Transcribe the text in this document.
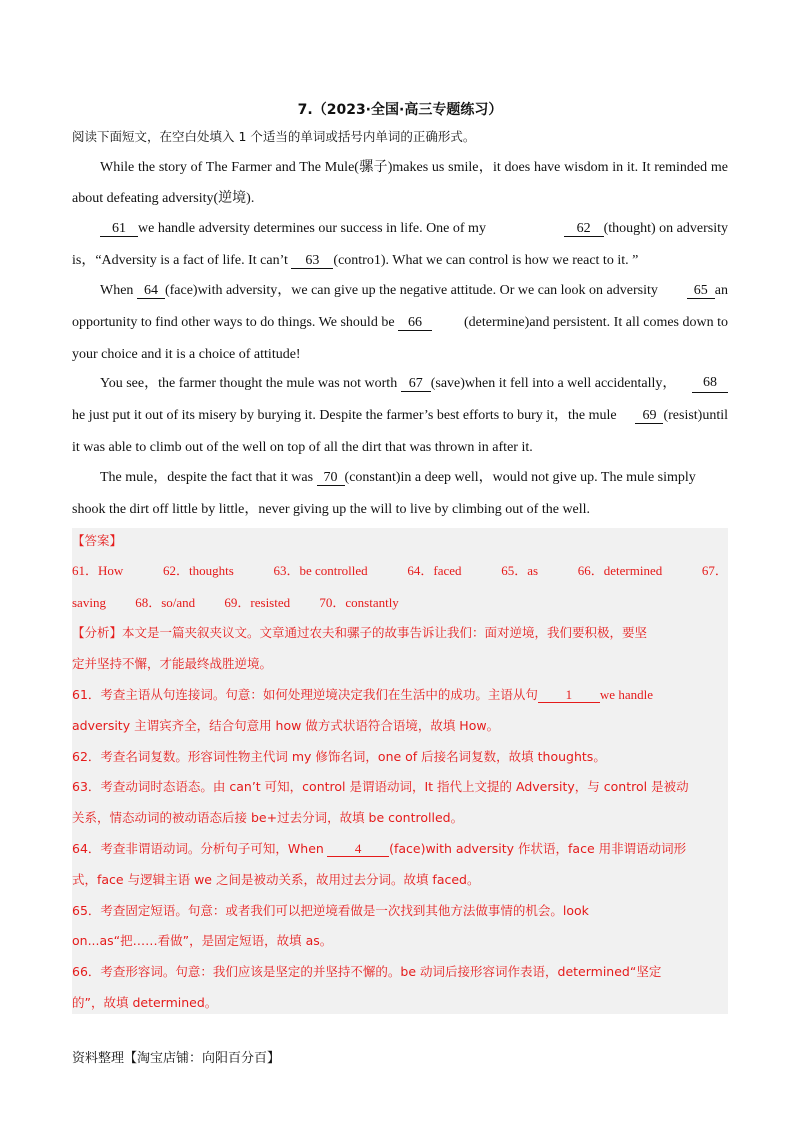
7.（2023·全国·高三专题练习）
阅读下面短文，在空白处填入 1 个适当的单词或括号内单词的正确形式。
While the story of The Farmer and The Mule(骡子)makes us smile，it does have wisdom in it. It reminded me
about defeating adversity(逆境).
61 we handle adversity determines our success in life. One of my	62 (thought) on adversity
is，“Adversity is a fact of life. It can’t 63 (contro1). What we can control is how we react to it. ”
When 64 (face)with adversity，we can give up the negative attitude. Or we can look on adversity	65 an
opportunity to find other ways to do things. We should be 66	(determine)and persistent. It all comes down to
your choice and it is a choice of attitude!
You see，the farmer thought the mule was not worth 67 (save)when it fell into a well accidentally，	68
he just put it out of its misery by burying it. Despite the farmer’s best efforts to bury it，the mule	69 (resist)until
it was able to climb out of the well on top of all the dirt that was thrown in after it.
The mule，despite the fact that it was 70 (constant)in a deep well，would not give up. The mule simply
shook the dirt off little by little，never giving up the will to live by climbing out of the well.
【答案】
61．How	62．thoughts	63．be controlled	64．faced	65．as	66．determined	67．
saving 68．so/and 69．resisted 70．constantly
【分析】本文是一篇夹叙夹议文。文章通过农夫和骡子的故事告诉让我们：面对逆境，我们要积极，要坚
定并坚持不懈，才能最终战胜逆境。
61．考查主语从句连接词。句意：如何处理逆境决定我们在生活中的成功。主语从句 1 we handle
adversity 主谓宾齐全，结合句意用 how 做方式状语符合语境，故填 How。
62．考查名词复数。形容词性物主代词 my 修饰名词，one of 后接名词复数，故填 thoughts。
63．考查动词时态语态。由 can’t 可知，control 是谓语动词，It 指代上文提的 Adversity，与 control 是被动
关系，情态动词的被动语态后接 be+过去分词，故填 be controlled。
64．考查非谓语动词。分析句子可知，When 4 (face)with adversity 作状语，face 用非谓语动词形
式，face 与逻辑主语 we 之间是被动关系，故用过去分词。故填 faced。
65．考查固定短语。句意：或者我们可以把逆境看做是一次找到其他方法做事情的机会。look
on...as“把……看做”，是固定短语，故填 as。
66．考查形容词。句意：我们应该是坚定的并坚持不懈的。be 动词后接形容词作表语，determined“坚定
的”，故填 determined。
资料整理【淘宝店铺：向阳百分百】
